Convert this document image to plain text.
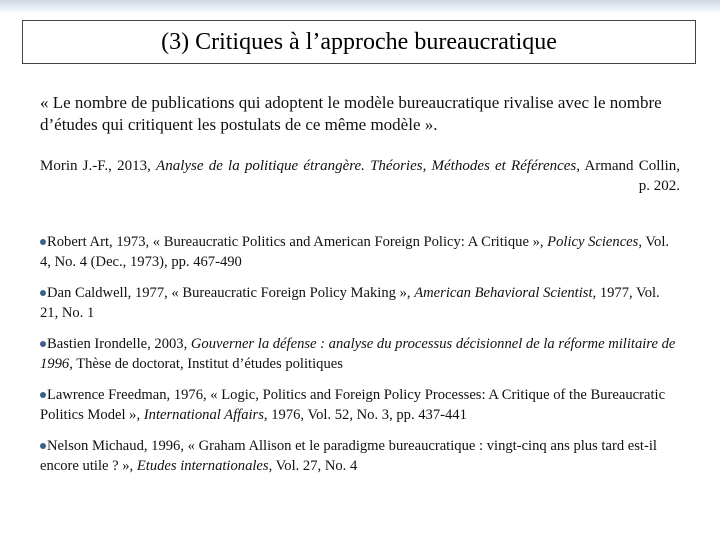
(3) Critiques à l’approche bureaucratique
« Le nombre de publications qui adoptent le modèle bureaucratique rivalise avec le nombre d’études qui critiquent les postulats de ce même modèle ».
Morin J.-F., 2013, Analyse de la politique étrangère. Théories, Méthodes et Références, Armand Collin,
p. 202.
Robert Art, 1973, « Bureaucratic Politics and American Foreign Policy: A Critique », Policy Sciences, Vol. 4, No. 4 (Dec., 1973), pp. 467-490
Dan Caldwell, 1977, « Bureaucratic Foreign Policy Making », American Behavioral Scientist, 1977, Vol. 21, No. 1
Bastien Irondelle, 2003, Gouverner la défense : analyse du processus décisionnel de la réforme militaire de 1996, Thèse de doctorat, Institut d’études politiques
Lawrence Freedman, 1976, « Logic, Politics and Foreign Policy Processes: A Critique of the Bureaucratic Politics Model », International Affairs, 1976, Vol. 52, No. 3, pp. 437-441
Nelson Michaud, 1996, « Graham Allison et le paradigme bureaucratique : vingt-cinq ans plus tard est-il encore utile ? », Etudes internationales, Vol. 27, No. 4
